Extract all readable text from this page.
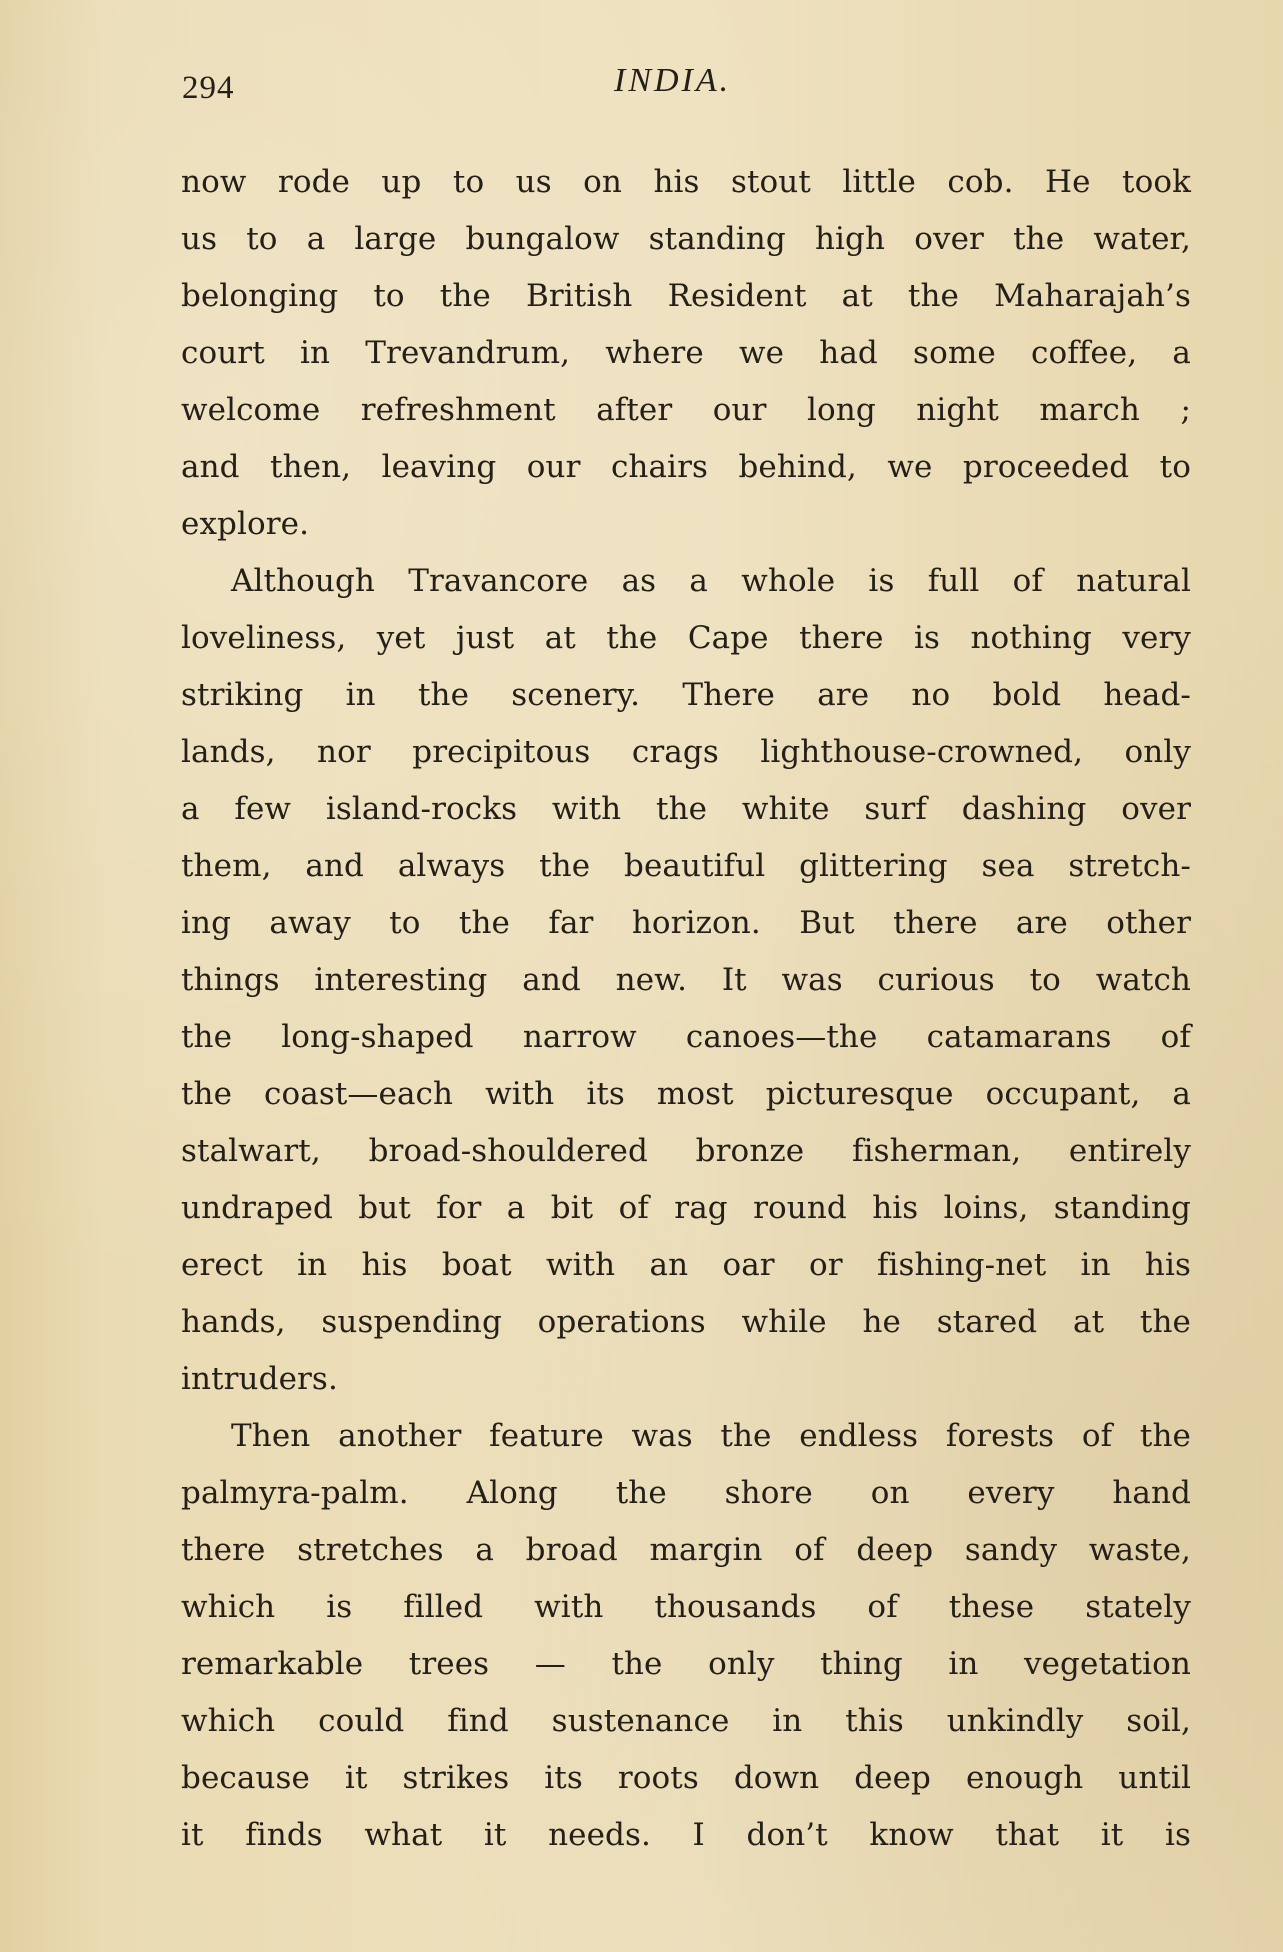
294	INDIA.
now rode up to us on his stout little cob. He took
us to a large bungalow standing high over the water,
belonging to the British Resident at the Maharajah’s
court in Trevandrum, where we had some coffee, a
welcome refreshment after our long night march ;
and then, leaving our chairs behind, we proceeded to
explore.
Although Travancore as a whole is full of natural
loveliness, yet just at the Cape there is nothing very
striking in the scenery. There are no bold head-
lands, nor precipitous crags lighthouse-crowned, only
a few island-rocks with the white surf dashing over
them, and always the beautiful glittering sea stretch-
ing away to the far horizon. But there are other
things interesting and new. It was curious to watch
the long-shaped narrow canoes—the catamarans of
the coast—each with its most picturesque occupant, a
stalwart, broad-shouldered bronze fisherman, entirely
undraped but for a bit of rag round his loins, standing
erect in his boat with an oar or fishing-net in his
hands, suspending operations while he stared at the
intruders.
Then another feature was the endless forests of the
palmyra-palm. Along the shore on every hand
there stretches a broad margin of deep sandy waste,
which is filled with thousands of these stately
remarkable trees — the only thing in vegetation
which could find sustenance in this unkindly soil,
because it strikes its roots down deep enough until
it finds what it needs. I don’t know that it is
